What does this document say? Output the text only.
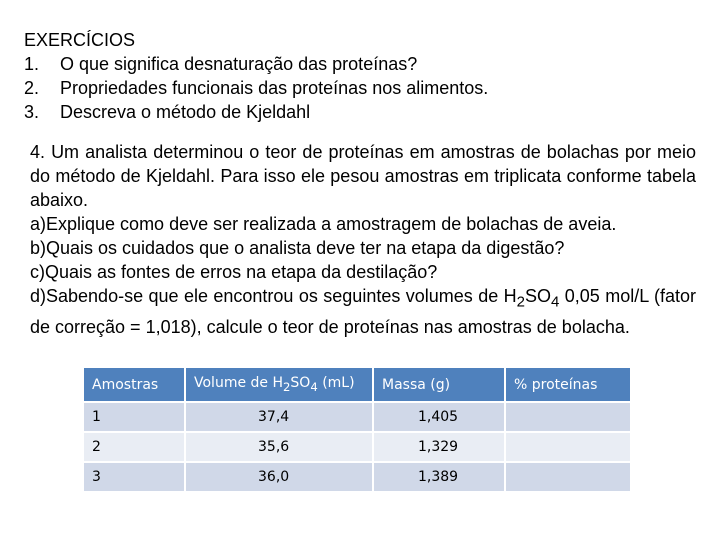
EXERCÍCIOS
1. O que significa desnaturação das proteínas?
2. Propriedades funcionais das proteínas nos alimentos.
3. Descreva o método de Kjeldahl

4. Um analista determinou o teor de proteínas em amostras de bolachas por meio do método de Kjeldahl. Para isso ele pesou amostras em triplicata conforme tabela abaixo.

a)Explique como deve ser realizada a amostragem de bolachas de aveia.

b)Quais os cuidados que o analista deve ter na etapa da digestão?

c)Quais as fontes de erros na etapa da destilação?

d)Sabendo-se que ele encontrou os seguintes volumes de $H_2SO_4$ 0,05 mol/L (fator de correção = 1,018), calcule o teor de proteínas nas amostras de bolacha.

Amostras	Volume de $H_2SO_4$ (mL)	Massa (g)	% proteínas
1	37,4	1,405	
2	35,6	1,329	
3	36,0	1,389	
